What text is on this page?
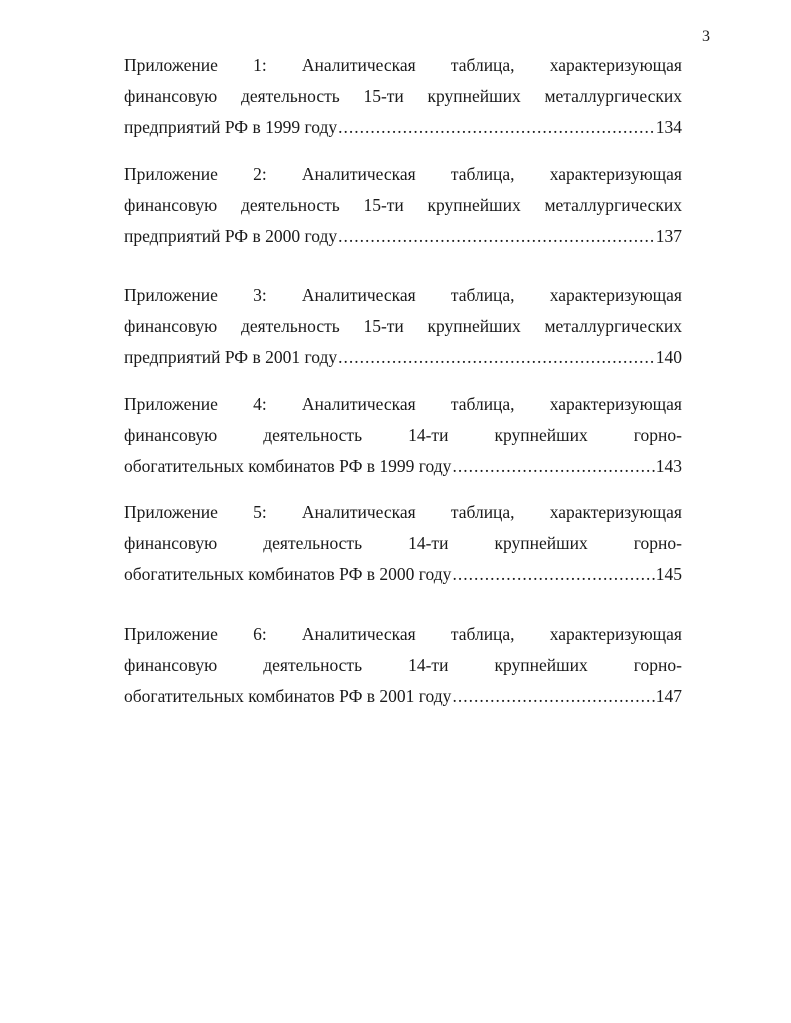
3
Приложение 1: Аналитическая таблица, характеризующая
финансовую деятельность 15-ти крупнейших металлургических
предприятий РФ в 1999 году .....	134
Приложение 2: Аналитическая таблица, характеризующая
финансовую деятельность 15-ти крупнейших металлургических
предприятий РФ в 2000 году .....	137
Приложение 3: Аналитическая таблица, характеризующая
финансовую деятельность 15-ти крупнейших металлургических
предприятий РФ в 2001 году .....	140
Приложение 4: Аналитическая таблица, характеризующая
финансовую	деятельность	14-ти	крупнейших	горно-
обогатительных комбинатов РФ в 1999 году .....	143
Приложение 5: Аналитическая таблица, характеризующая
финансовую	деятельность	14-ти	крупнейших	горно-
обогатительных комбинатов РФ в 2000 году .....	145
Приложение 6: Аналитическая таблица, характеризующая
финансовую	деятельность	14-ти	крупнейших	горно-
обогатительных комбинатов РФ в 2001 году .....	147
